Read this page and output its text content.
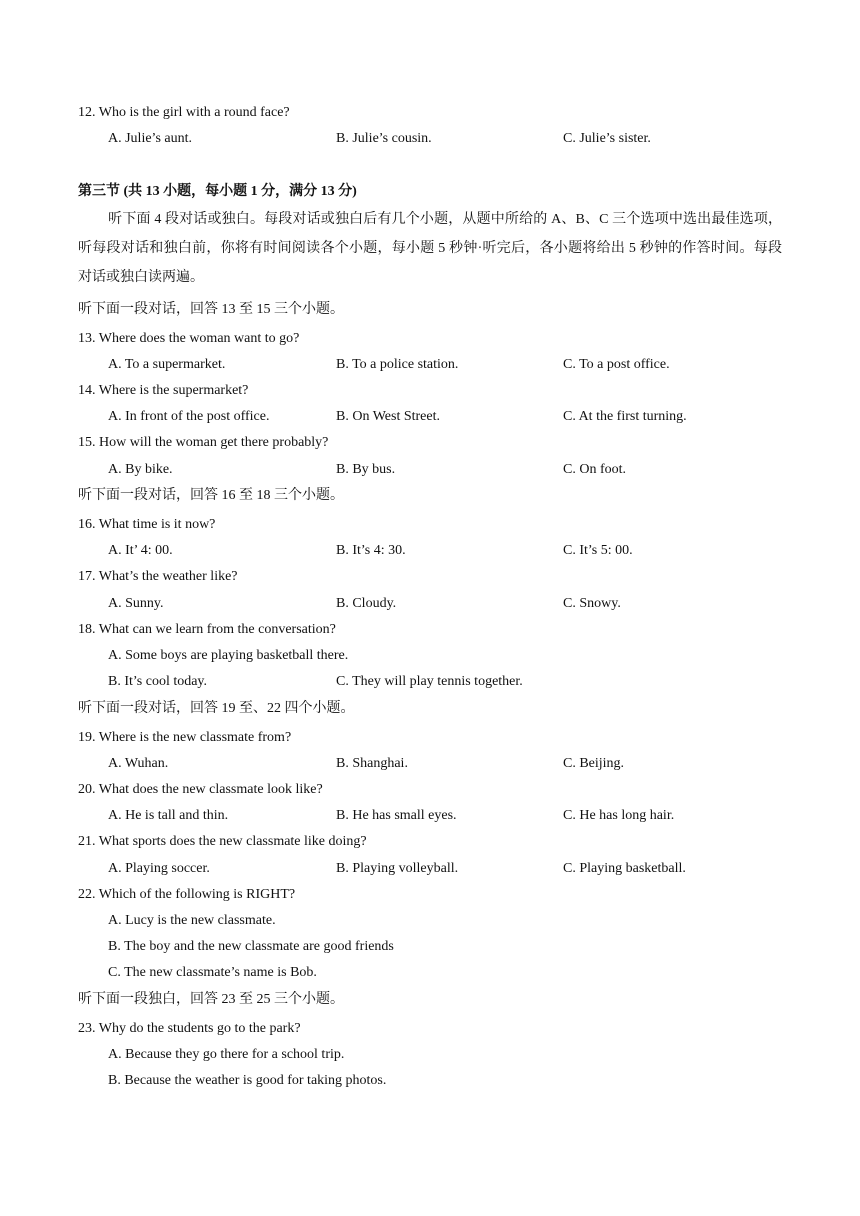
12. Who is the girl with a round face?
A. Julie’s aunt.	B. Julie’s cousin.	C. Julie’s sister.
第三节 (共 13 小题，每小题 1 分，满分 13 分)
听下面 4 段对话或独白。每段对话或独白后有几个小题，从题中所给的 A、B、C 三个选项中选出最佳选项，听每段对话和独白前，你将有时间阅读各个小题，每小题 5 秒钟·听完后，各小题将给出 5 秒钟的作答时间。每段对话或独白读两遍。
听下面一段对话，回答 13 至 15 三个小题。
13. Where does the woman want to go?
A. To a supermarket.	B. To a police station.	C. To a post office.
14. Where is the supermarket?
A. In front of the post office.	B. On West Street.	C. At the first turning.
15. How will the woman get there probably?
A. By bike.	B. By bus.	C. On foot.
听下面一段对话，回答 16 至 18 三个小题。
16. What time is it now?
A. It’ 4: 00.	B. It’s 4: 30.	C. It’s 5: 00.
17. What’s the weather like?
A. Sunny.	B. Cloudy.	C. Snowy.
18. What can we learn from the conversation?
A. Some boys are playing basketball there.
B. It’s cool today.	C. They will play tennis together.
听下面一段对话，回答 19 至、22 四个小题。
19. Where is the new classmate from?
A. Wuhan.	B. Shanghai.	C. Beijing.
20. What does the new classmate look like?
A. He is tall and thin.	B. He has small eyes.	C. He has long hair.
21. What sports does the new classmate like doing?
A. Playing soccer.	B. Playing volleyball.	C. Playing basketball.
22. Which of the following is RIGHT?
A. Lucy is the new classmate.
B. The boy and the new classmate are good friends
C. The new classmate’s name is Bob.
听下面一段独白，回答 23 至 25 三个小题。
23. Why do the students go to the park?
A. Because they go there for a school trip.
B. Because the weather is good for taking photos.
